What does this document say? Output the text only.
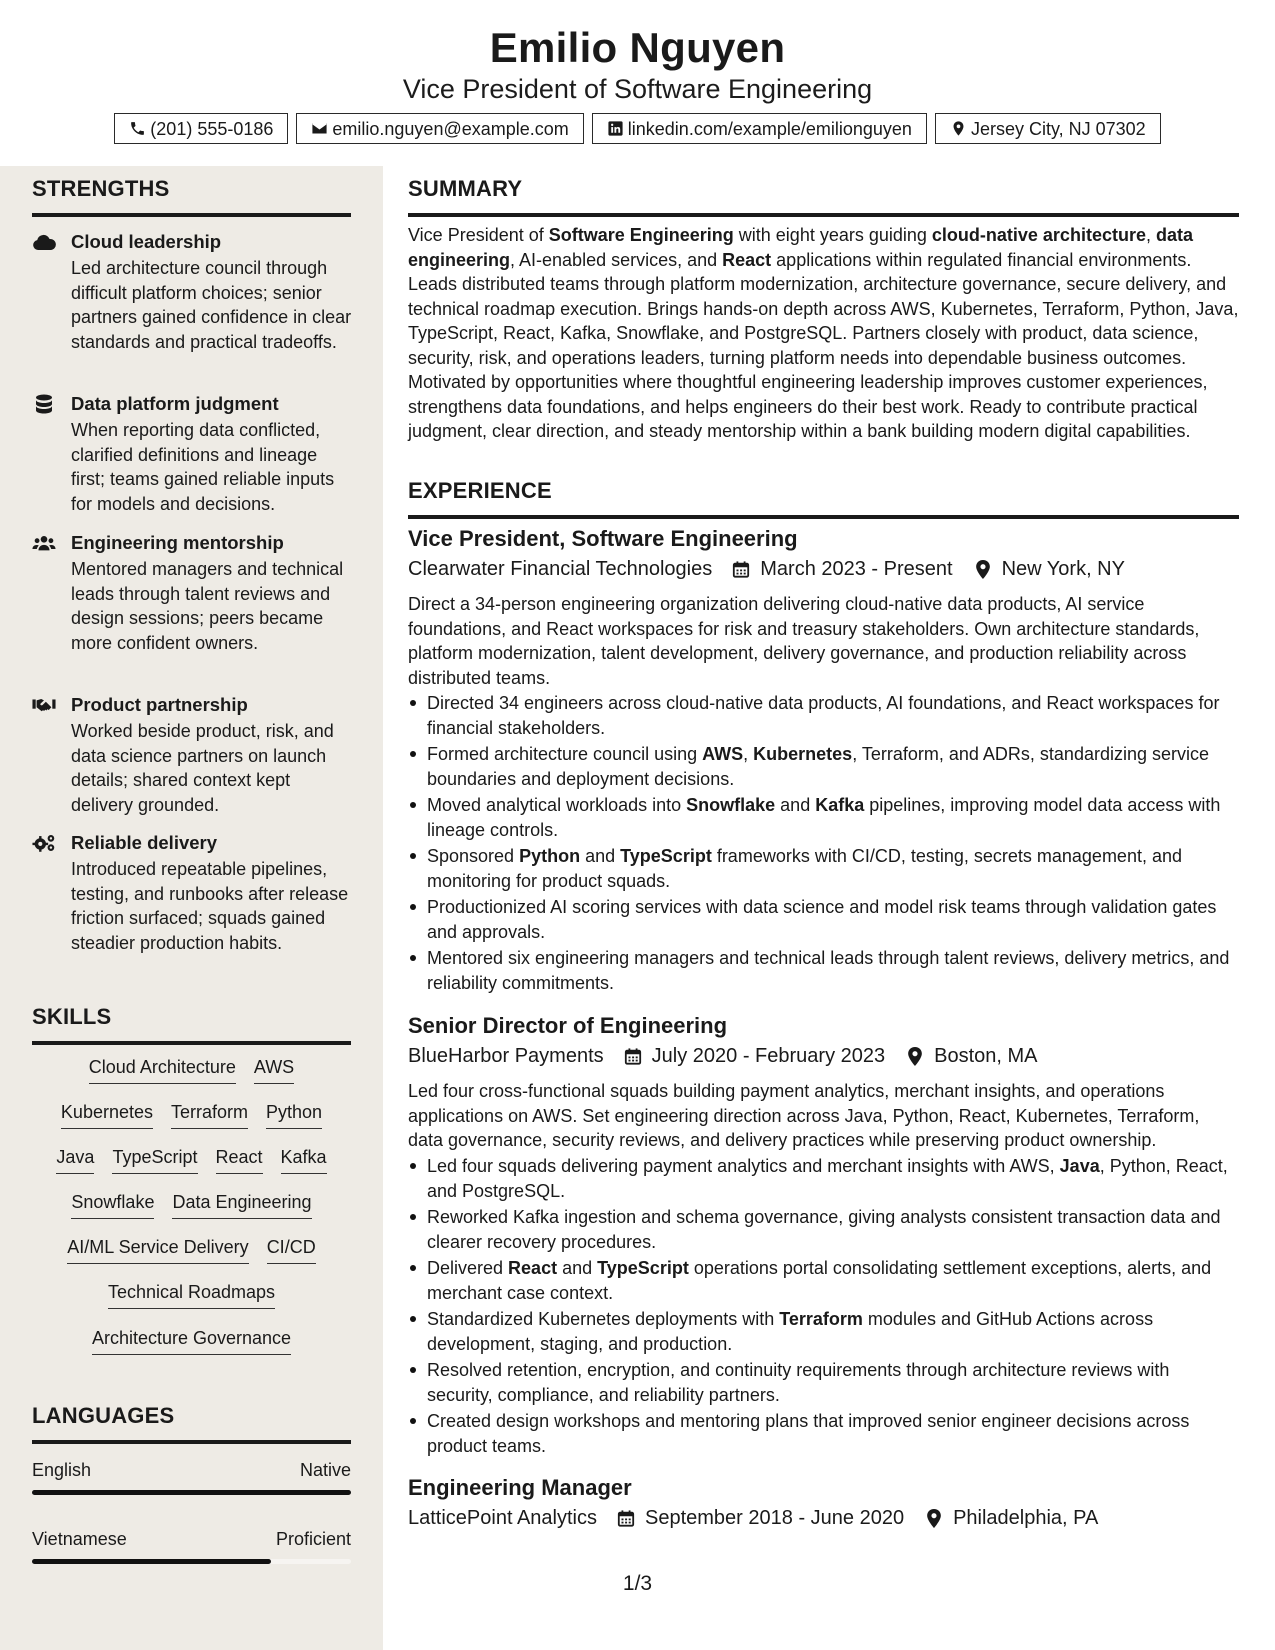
Emilio Nguyen
Vice President of Software Engineering
(201) 555-0186	emilio.nguyen@example.com	linkedin.com/example/emilionguyen	Jersey City, NJ 07302
STRENGTHS
Cloud leadership
Led architecture council through difficult platform choices; senior partners gained confidence in clear standards and practical tradeoffs.
Data platform judgment
When reporting data conflicted, clarified definitions and lineage first; teams gained reliable inputs for models and decisions.
Engineering mentorship
Mentored managers and technical leads through talent reviews and design sessions; peers became more confident owners.
Product partnership
Worked beside product, risk, and data science partners on launch details; shared context kept delivery grounded.
Reliable delivery
Introduced repeatable pipelines, testing, and runbooks after release friction surfaced; squads gained steadier production habits.
SKILLS
Cloud Architecture AWS
Kubernetes Terraform Python
Java TypeScript React Kafka
Snowflake Data Engineering
AI/ML Service Delivery CI/CD
Technical Roadmaps
Architecture Governance
LANGUAGES
English	Native
Vietnamese	Proficient
SUMMARY
Vice President of Software Engineering with eight years guiding cloud-native architecture, data engineering, AI-enabled services, and React applications within regulated financial environments. Leads distributed teams through platform modernization, architecture governance, secure delivery, and technical roadmap execution. Brings hands-on depth across AWS, Kubernetes, Terraform, Python, Java, TypeScript, React, Kafka, Snowflake, and PostgreSQL. Partners closely with product, data science, security, risk, and operations leaders, turning platform needs into dependable business outcomes. Motivated by opportunities where thoughtful engineering leadership improves customer experiences, strengthens data foundations, and helps engineers do their best work. Ready to contribute practical judgment, clear direction, and steady mentorship within a bank building modern digital capabilities.
EXPERIENCE
Vice President, Software Engineering
Clearwater Financial Technologies March 2023 - Present New York, NY
Direct a 34-person engineering organization delivering cloud-native data products, AI service foundations, and React workspaces for risk and treasury stakeholders. Own architecture standards, platform modernization, talent development, delivery governance, and production reliability across distributed teams.
Directed 34 engineers across cloud-native data products, AI foundations, and React workspaces for financial stakeholders.
Formed architecture council using AWS, Kubernetes, Terraform, and ADRs, standardizing service boundaries and deployment decisions.
Moved analytical workloads into Snowflake and Kafka pipelines, improving model data access with lineage controls.
Sponsored Python and TypeScript frameworks with CI/CD, testing, secrets management, and monitoring for product squads.
Productionized AI scoring services with data science and model risk teams through validation gates and approvals.
Mentored six engineering managers and technical leads through talent reviews, delivery metrics, and reliability commitments.
Senior Director of Engineering
BlueHarbor Payments July 2020 - February 2023 Boston, MA
Led four cross-functional squads building payment analytics, merchant insights, and operations applications on AWS. Set engineering direction across Java, Python, React, Kubernetes, Terraform, data governance, security reviews, and delivery practices while preserving product ownership.
Led four squads delivering payment analytics and merchant insights with AWS, Java, Python, React, and PostgreSQL.
Reworked Kafka ingestion and schema governance, giving analysts consistent transaction data and clearer recovery procedures.
Delivered React and TypeScript operations portal consolidating settlement exceptions, alerts, and merchant case context.
Standardized Kubernetes deployments with Terraform modules and GitHub Actions across development, staging, and production.
Resolved retention, encryption, and continuity requirements through architecture reviews with security, compliance, and reliability partners.
Created design workshops and mentoring plans that improved senior engineer decisions across product teams.
Engineering Manager
LatticePoint Analytics September 2018 - June 2020 Philadelphia, PA
1/3
